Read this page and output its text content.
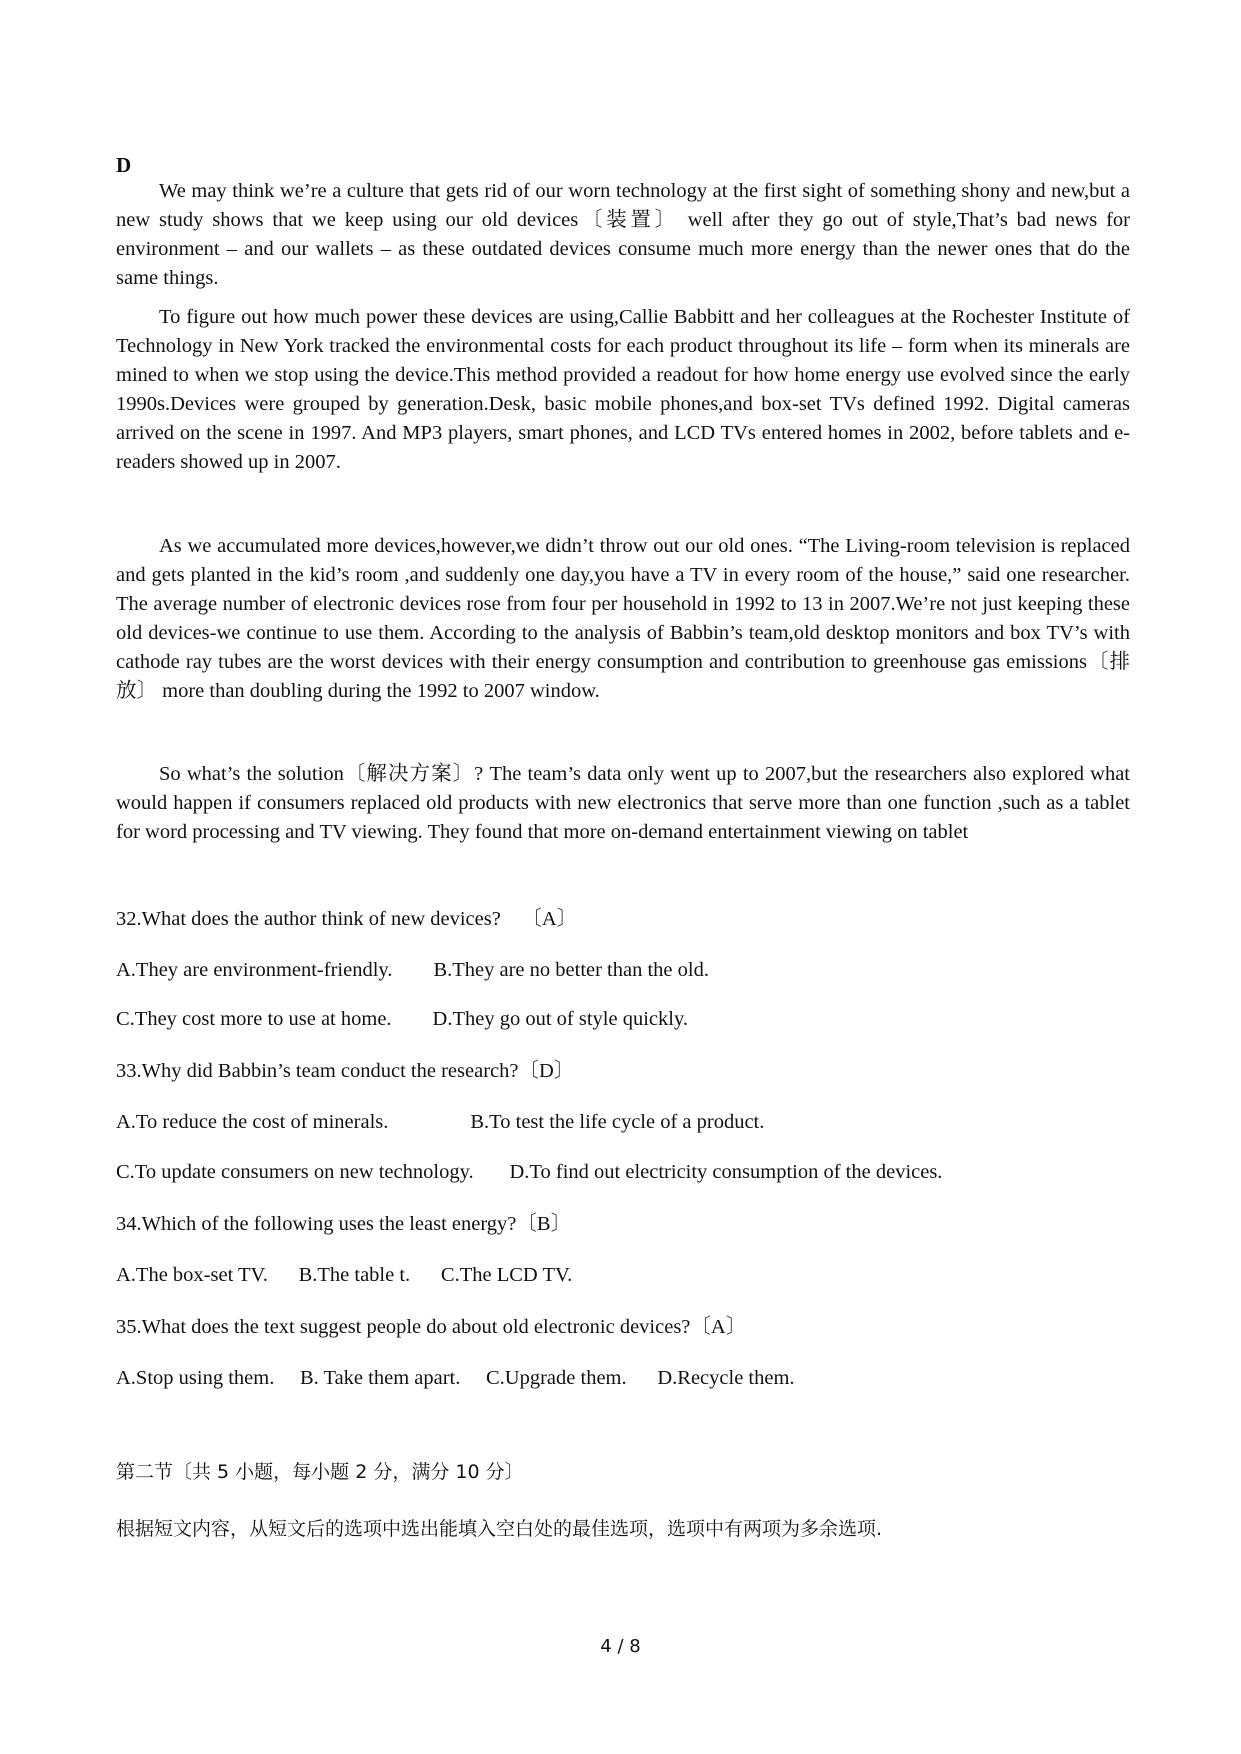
D

We may think we’re a culture that gets rid of our worn technology at the first sight of something shony and new,but a new study shows that we keep using our old devices〔装置〕 well after they go out of style,That’s bad news for environment – and our wallets – as these outdated devices consume much more energy than the newer ones that do the same things.

To figure out how much power these devices are using,Callie Babbitt and her colleagues at the Rochester Institute of Technology in New York tracked the environmental costs for each product throughout its life – form when its minerals are mined to when we stop using the device.This method provided a readout for how home energy use evolved since the early 1990s.Devices were grouped by generation.Desk, basic mobile phones,and box-set TVs defined 1992. Digital cameras arrived on the scene in 1997. And MP3 players, smart phones, and LCD TVs entered homes in 2002, before tablets and e-readers showed up in 2007.

As we accumulated more devices,however,we didn’t throw out our old ones. “The Living-room television is replaced and gets planted in the kid’s room ,and suddenly one day,you have a TV in every room of the house,” said one researcher. The average number of electronic devices rose from four per household in 1992 to 13 in 2007.We’re not just keeping these old devices-we continue to use them. According to the analysis of Babbin’s team,old desktop monitors and box TV’s with cathode ray tubes are the worst devices with their energy consumption and contribution to greenhouse gas emissions〔排放〕 more than doubling during the 1992 to 2007 window.

So what’s the solution〔解决方案〕? The team’s data only went up to 2007,but the researchers also explored what would happen if consumers replaced old products with new electronics that serve more than one function ,such as a tablet for word processing and TV viewing. They found that more on-demand entertainment viewing on tablet

32.What does the author think of new devices?    〔A〕
A.They are environment-friendly.        B.They are no better than the old.
C.They cost more to use at home.        D.They go out of style quickly.
33.Why did Babbin’s team conduct the research?〔D〕
A.To reduce the cost of minerals.                B.To test the life cycle of a product.
C.To update consumers on new technology.       D.To find out electricity consumption of the devices.
34.Which of the following uses the least energy?〔B〕
A.The box-set TV.      B.The table t.      C.The LCD TV.
35.What does the text suggest people do about old electronic devices?〔A〕
A.Stop using them.     B. Take them apart.     C.Upgrade them.      D.Recycle them.
第二节〔共 5 小题，每小题 2 分，满分 10 分〕
根据短文内容，从短文后的选项中选出能填入空白处的最佳选项，选项中有两项为多余选项.
4 / 8
